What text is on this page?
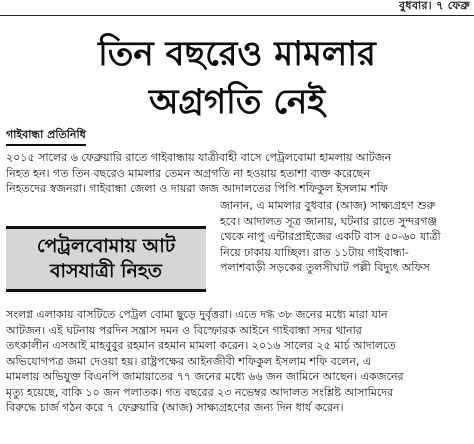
বুধবার। ৭ ফেব্রু
তিন বছরেও মামলার
অগ্রগতি নেই
গাইবান্ধা প্রতিনিধি
২০১৫ সালের ৬ ফেব্রুয়ারি রাতে গাইবান্ধায় যাত্রীবাহী বাসে পেট্রলবোমা হামলায় আটজন
নিহত হন। গত তিন বছরেও মামলার তেমন অগ্রগতি না হওয়ায় হতাশা ব্যক্ত করেছেন
নিহতদের স্বজনরা। গাইবান্ধা জেলা ও দায়রা জজ আদালতের পিপি শফিকুল ইসলাম শফি
পেট্রলবোমায় আট
বাসযাত্রী নিহত
জানান, এ মামলার বুধবার (আজ) সাক্ষ্যগ্রহণ শুরু
হবে। আদালত সূত্র জানায়, ঘটনার রাতে সুন্দরগঞ্জ
থেকে নাপু এন্টারপ্রাইজের একটি বাস ৫০-৬০ যাত্রী
নিয়ে ঢাকায় যাচ্ছিল। রাত ১১টায় গাইবান্ধা-
পলাশবাড়ী সড়কের তুলসীঘাট পল্লী বিদ্যুৎ অফিস
সংলগ্ন এলাকায় বাসটিতে পেট্রল বোমা ছুড়ে দুর্বৃত্তরা। এতে দগ্ধ ৩৮ জনের মধ্যে মারা যান
আটজন। এই ঘটনায় পরদিন সন্ত্রাস দমন ও বিস্ফোরক আইনে গাইবান্ধা সদর থানার
তৎকালীন এসআই মাহবুবুর রহমান রহমান মামলা করেন। ২০১৬ সালের ২৫ মার্চ আদালতে
অভিযোগপত্র জমা দেওয়া হয়। রাষ্ট্রপক্ষের আইনজীবী শফিকুল ইসলাম শফি বলেন, এ
মামলায় অভিযুক্ত বিএনপি জামায়াতের ৭৭ জনের মধ্যে ৬৬ জন জামিনে আছেন। একজনের
মৃত্যু হয়েছে, বাকি ১০ জন পলাতক। গত বছরের ২৩ নভেম্বর আদালত সংশ্লিষ্ট আসামিদের
বিরুদ্ধে চার্জ গঠন করে ৭ ফেব্রুয়ারি (আজ) সাক্ষ্যগ্রহণের জন্য দিন ধার্য করেন।
